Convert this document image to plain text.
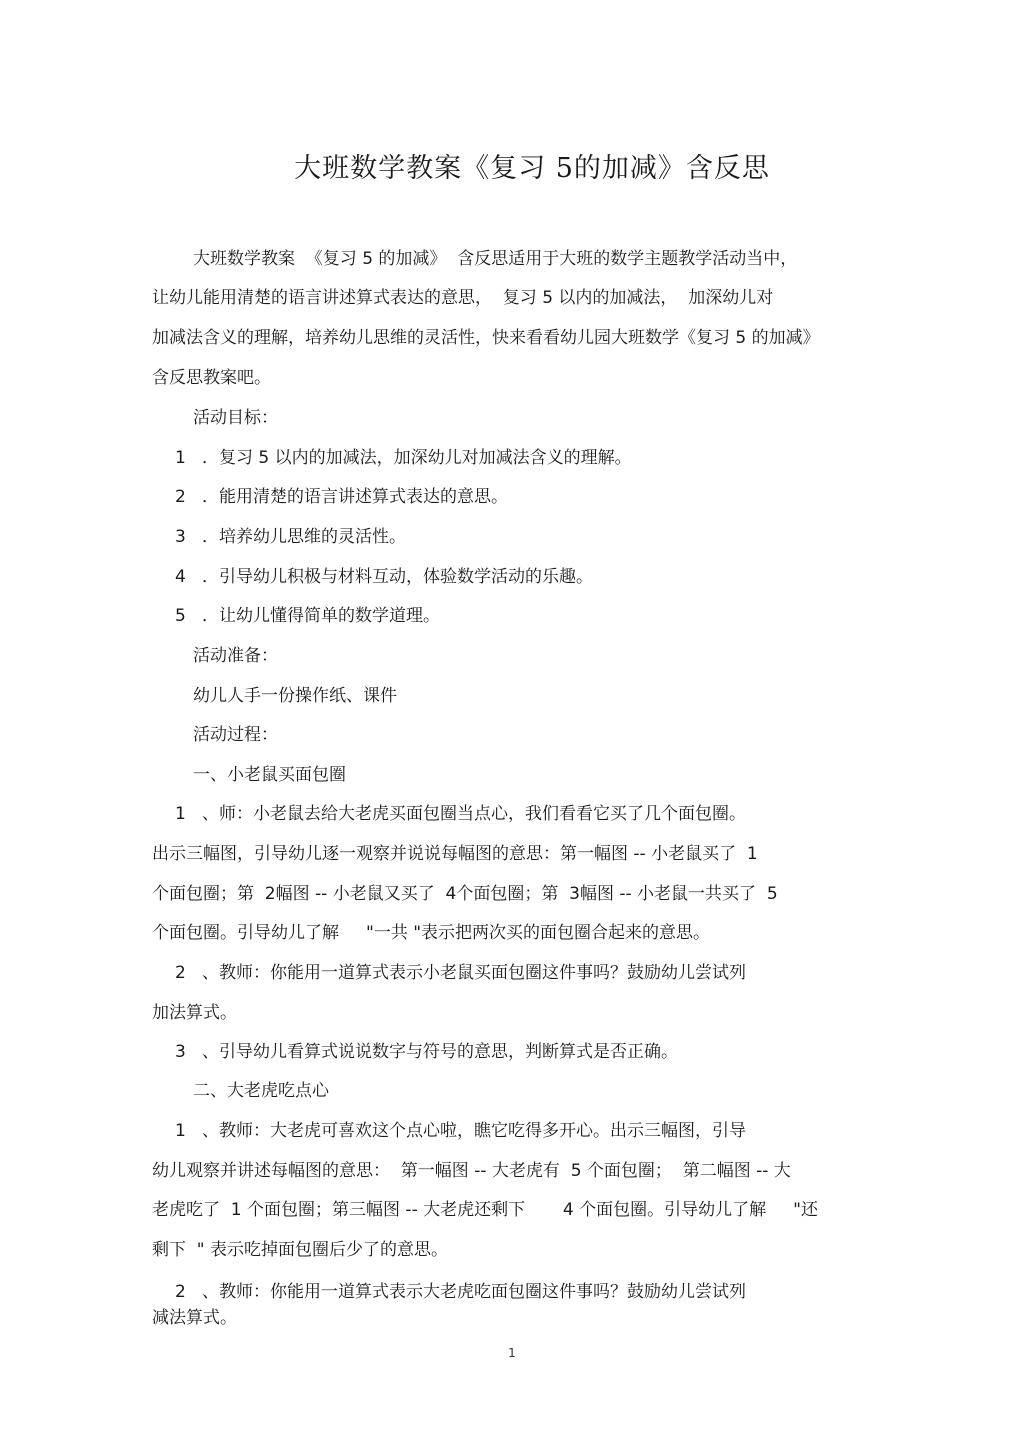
大班数学教案《复习 5的加减》含反思
大班数学教案  《复习 5 的加减》  含反思适用于大班的数学主题教学活动当中，
让幼儿能用清楚的语言讲述算式表达的意思，  复习 5 以内的加减法，  加深幼儿对
加减法含义的理解，培养幼儿思维的灵活性，快来看看幼儿园大班数学《复习 5 的加减》
含反思教案吧。
活动目标：
1   ．复习 5 以内的加减法，加深幼儿对加减法含义的理解。
2   ．能用清楚的语言讲述算式表达的意思。
3   ．培养幼儿思维的灵活性。
4   ．引导幼儿积极与材料互动，体验数学活动的乐趣。
5   ．让幼儿懂得简单的数学道理。
活动准备：
幼儿人手一份操作纸、课件
活动过程：
一、小老鼠买面包圈
1   、师：小老鼠去给大老虎买面包圈当点心，我们看看它买了几个面包圈。
出示三幅图，引导幼儿逐一观察并说说每幅图的意思：第一幅图 -- 小老鼠买了  1
个面包圈；第  2幅图 -- 小老鼠又买了  4个面包圈；第  3幅图 -- 小老鼠一共买了  5
个面包圈。引导幼儿了解     "一共 "表示把两次买的面包圈合起来的意思。
2   、教师：你能用一道算式表示小老鼠买面包圈这件事吗？鼓励幼儿尝试列
加法算式。
3   、引导幼儿看算式说说数字与符号的意思，判断算式是否正确。
二、大老虎吃点心
1   、教师：大老虎可喜欢这个点心啦，瞧它吃得多开心。出示三幅图，引导
幼儿观察并讲述每幅图的意思：  第一幅图 -- 大老虎有  5 个面包圈；  第二幅图 -- 大
老虎吃了  1 个面包圈；第三幅图 -- 大老虎还剩下       4 个面包圈。引导幼儿了解     "还
剩下  " 表示吃掉面包圈后少了的意思。
2   、教师：你能用一道算式表示大老虎吃面包圈这件事吗？鼓励幼儿尝试列
减法算式。
1
